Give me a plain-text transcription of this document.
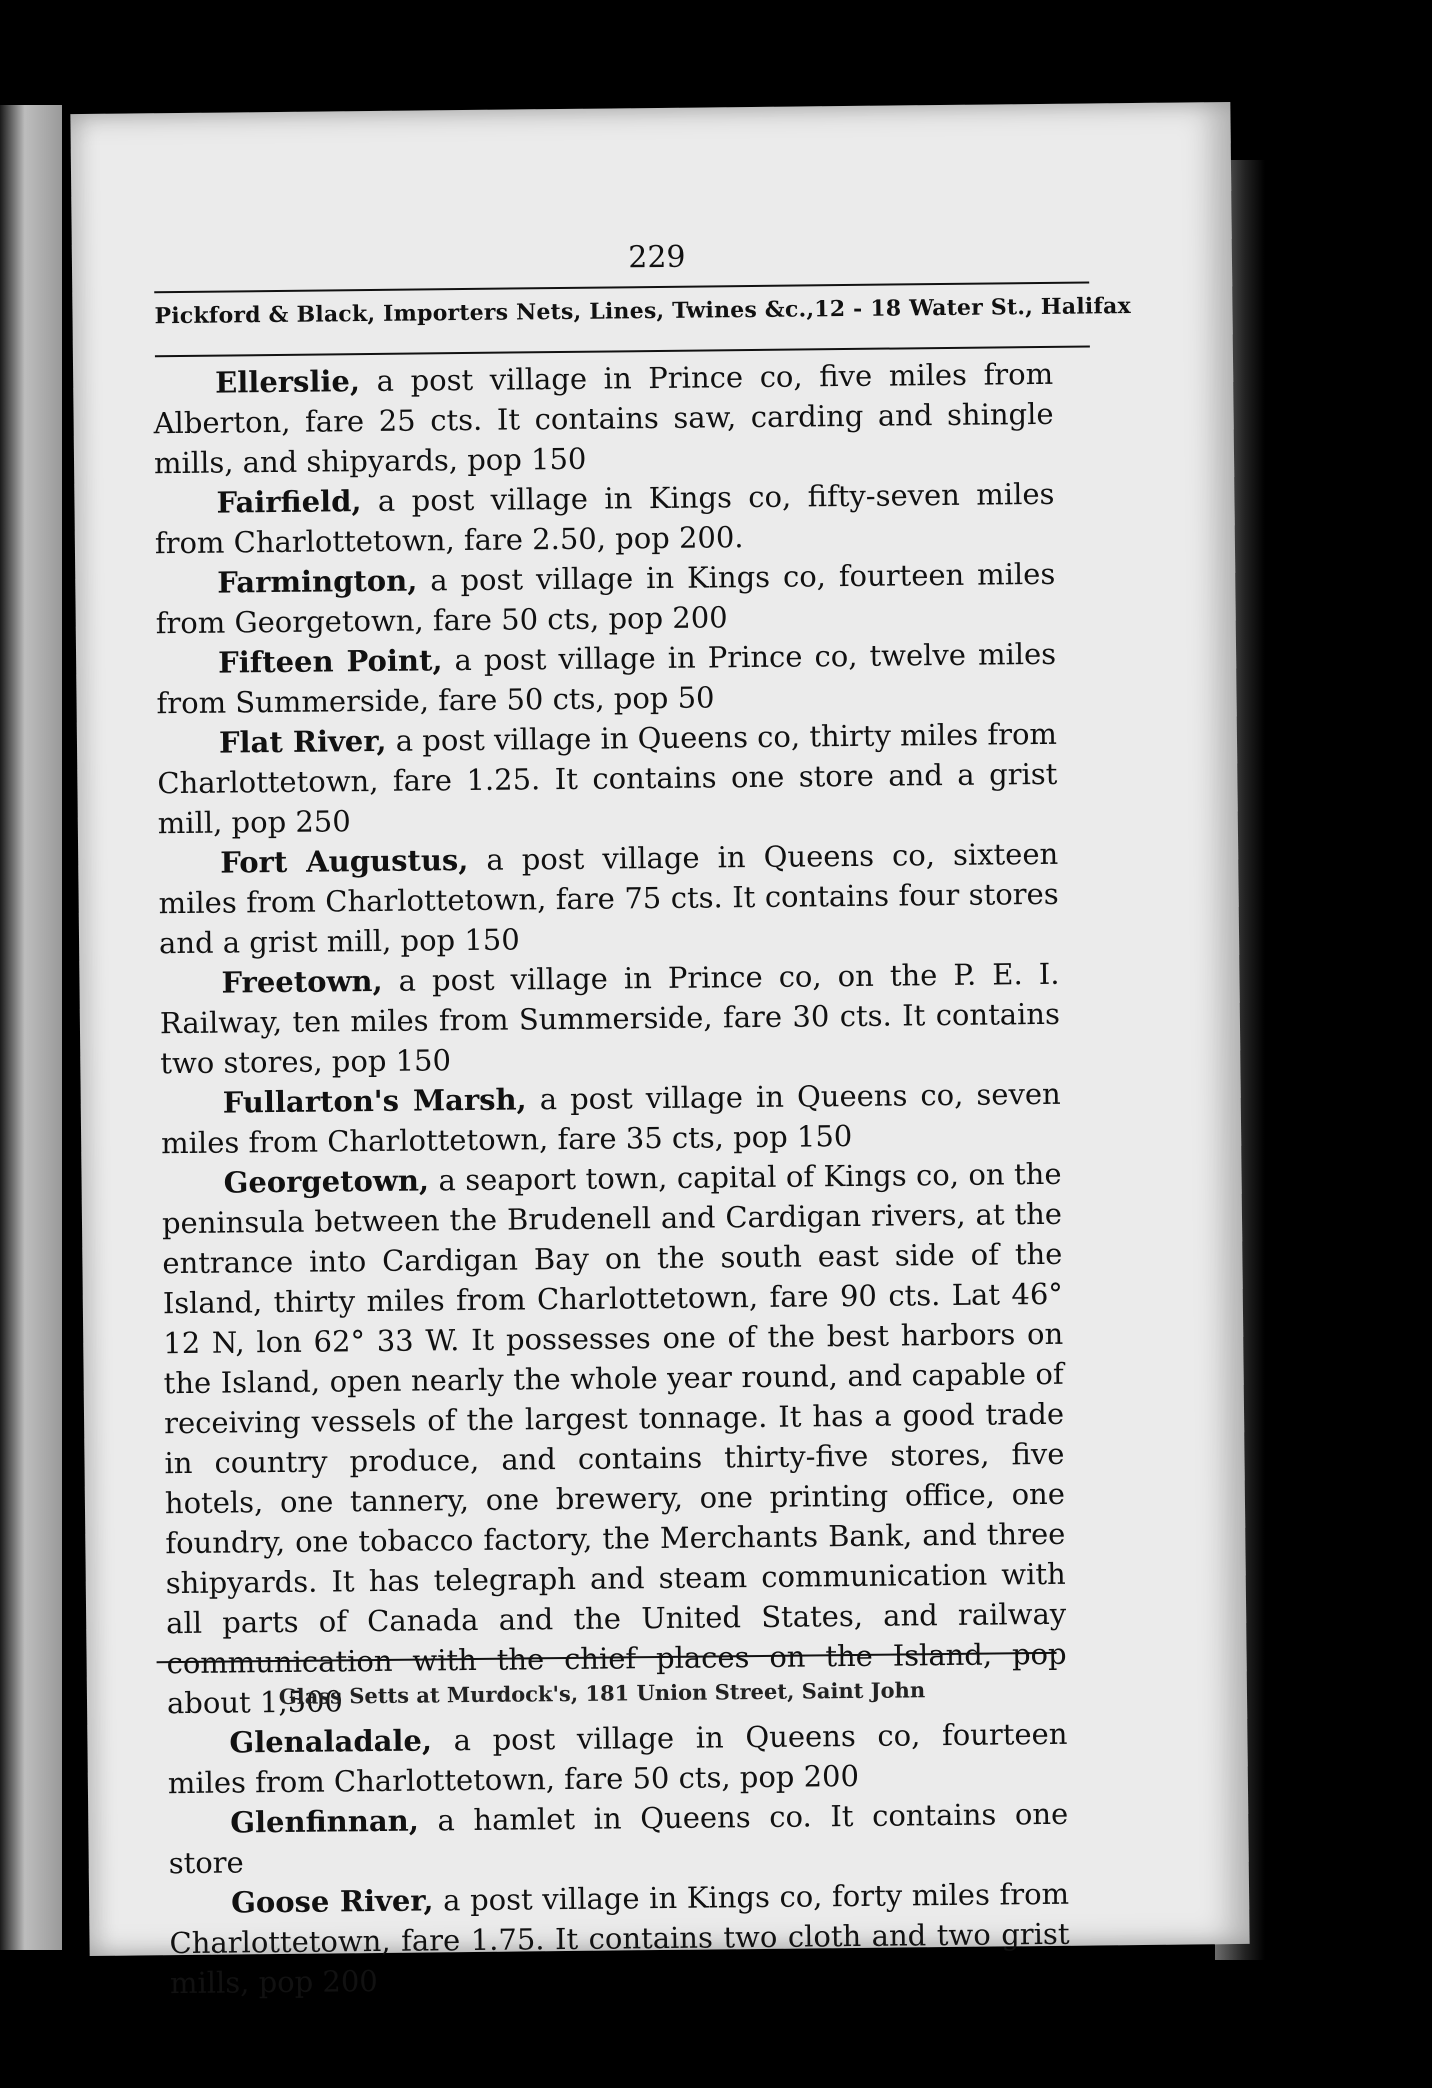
229
Pickford & Black, Importers Nets, Lines, Twines &c.,12 - 18 Water St., Halifax

Ellerslie, a post village in Prince co, five miles from Alberton, fare 25 cts. It contains saw, carding and shingle mills, and shipyards, pop 150

Fairfield, a post village in Kings co, fifty-seven miles from Charlottetown, fare 2.50, pop 200.

Farmington, a post village in Kings co, fourteen miles from Georgetown, fare 50 cts, pop 200

Fifteen Point, a post village in Prince co, twelve miles from Summerside, fare 50 cts, pop 50

Flat River, a post village in Queens co, thirty miles from Charlottetown, fare 1.25. It contains one store and a grist mill, pop 250

Fort Augustus, a post village in Queens co, sixteen miles from Charlottetown, fare 75 cts. It contains four stores and a grist mill, pop 150

Freetown, a post village in Prince co, on the P. E. I. Railway, ten miles from Summerside, fare 30 cts. It contains two stores, pop 150

Fullarton's Marsh, a post village in Queens co, seven miles from Charlottetown, fare 35 cts, pop 150

Georgetown, a seaport town, capital of Kings co, on the peninsula between the Brudenell and Cardigan rivers, at the entrance into Cardigan Bay on the south east side of the Island, thirty miles from Charlottetown, fare 90 cts. Lat 46° 12 N, lon 62° 33 W. It possesses one of the best harbors on the Island, open nearly the whole year round, and capable of receiving vessels of the largest tonnage. It has a good trade in country produce, and contains thirty-five stores, five hotels, one tannery, one brewery, one printing office, one foundry, one tobacco factory, the Merchants Bank, and three shipyards. It has telegraph and steam communication with all parts of Canada and the United States, and railway communication with the chief places on the Island, pop about 1,500

Glenaladale, a post village in Queens co, fourteen miles from Charlottetown, fare 50 cts, pop 200

Glenfinnan, a hamlet in Queens co. It contains one store

Goose River, a post village in Kings co, forty miles from Charlottetown, fare 1.75. It contains two cloth and two grist mills, pop 200

Glass Setts at Murdock's, 181 Union Street, Saint John
